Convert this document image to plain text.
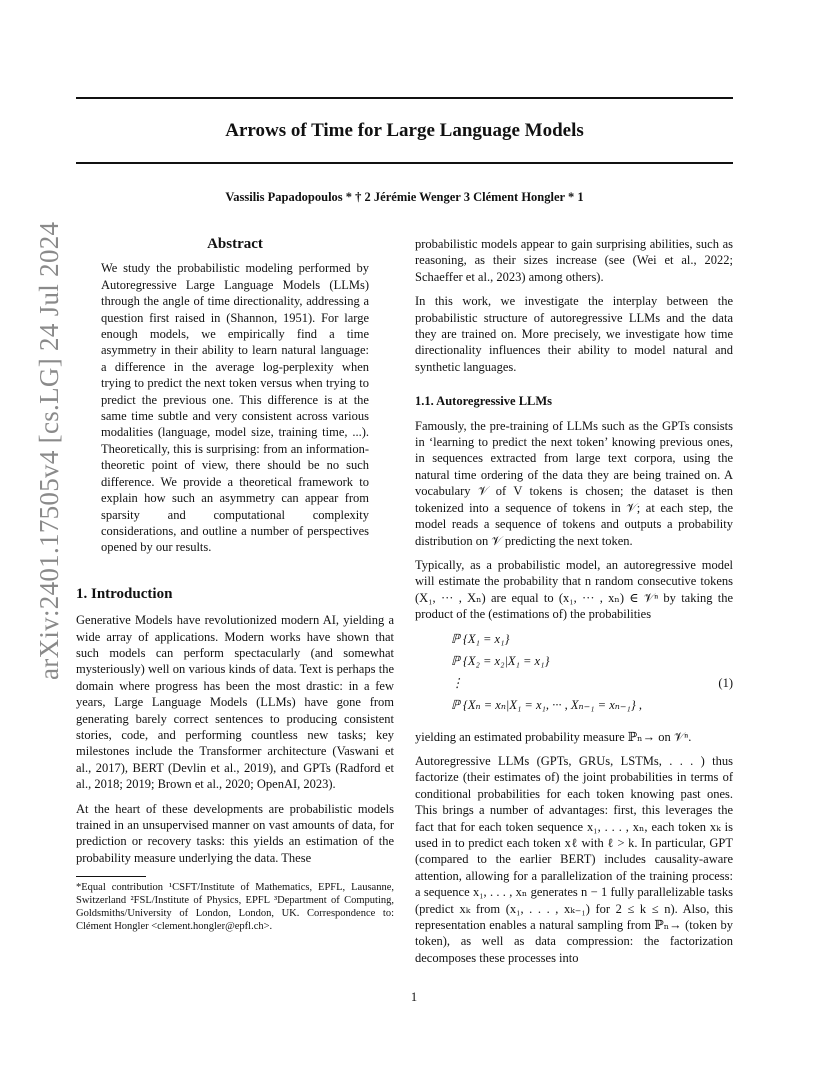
Arrows of Time for Large Language Models
Vassilis Papadopoulos * † 2 Jérémie Wenger 3 Clément Hongler * 1
arXiv:2401.17505v4 [cs.LG] 24 Jul 2024	Abstract

We study the probabilistic modeling performed by Autoregressive Large Language Models (LLMs) through the angle of time directionality, addressing a question first raised in (Shannon, 1951). For large enough models, we empirically find a time asymmetry in their ability to learn natural language: a difference in the average log-perplexity when trying to predict the next token versus when trying to predict the previous one. This difference is at the same time subtle and very consistent across various modalities (language, model size, training time, ...). Theoretically, this is surprising: from an information-theoretic point of view, there should be no such difference. We provide a theoretical framework to explain how such an asymmetry can appear from sparsity and computational complexity considerations, and outline a number of perspectives opened by our results.

1. Introduction

Generative Models have revolutionized modern AI, yielding a wide array of applications. Modern works have shown that such models can perform spectacularly (and somewhat mysteriously) well on various kinds of data. Text is perhaps the domain where progress has been the most drastic: in a few years, Large Language Models (LLMs) have gone from generating barely correct sentences to producing consistent stories, code, and performing countless new tasks; key milestones include the Transformer architecture (Vaswani et al., 2017), BERT (Devlin et al., 2019), and GPTs (Radford et al., 2018; 2019; Brown et al., 2020; OpenAI, 2023).

At the heart of these developments are probabilistic models trained in an unsupervised manner on vast amounts of data, for prediction or recovery tasks: this yields an estimation of the probability measure underlying the data. These

*Equal contribution ¹CSFT/Institute of Mathematics, EPFL, Lausanne, Switzerland ²FSL/Institute of Physics, EPFL ³Department of Computing, Goldsmiths/University of London, London, UK. Correspondence to: Clément Hongler <clement.hongler@epfl.ch>.

probabilistic models appear to gain surprising abilities, such as reasoning, as their sizes increase (see (Wei et al., 2022; Schaeffer et al., 2023) among others).

In this work, we investigate the interplay between the probabilistic structure of autoregressive LLMs and the data they are trained on. More precisely, we investigate how time directionality influences their ability to model natural and synthetic languages.

1.1. Autoregressive LLMs

Famously, the pre-training of LLMs such as the GPTs consists in ‘learning to predict the next token’ knowing previous ones, in sequences extracted from large text corpora, using the natural time ordering of the data they are being trained on. A vocabulary 𝒱 of V tokens is chosen; the dataset is then tokenized into a sequence of tokens in 𝒱; at each step, the model reads a sequence of tokens and outputs a probability distribution on 𝒱 predicting the next token.

Typically, as a probabilistic model, an autoregressive model will estimate the probability that n random consecutive tokens (X₁, ··· , Xₙ) are equal to (x₁, ··· , xₙ) ∈ 𝒱ⁿ by taking the product of the (estimations of) the probabilities

ℙ {X₁ = x₁}
ℙ {X₂ = x₂|X₁ = x₁}
⋮
ℙ {Xₙ = xₙ|X₁ = x₁, ··· , Xₙ₋₁ = xₙ₋₁} ,
(1)

yielding an estimated probability measure ℙₙ→ on 𝒱ⁿ.

Autoregressive LLMs (GPTs, GRUs, LSTMs, . . . ) thus factorize (their estimates of) the joint probabilities in terms of conditional probabilities for each token knowing past ones. This brings a number of advantages: first, this leverages the fact that for each token sequence x₁, . . . , xₙ, each token xₖ is used in to predict each token xℓ with ℓ > k. In particular, GPT (compared to the earlier BERT) includes causality-aware attention, allowing for a parallelization of the training process: a sequence x₁, . . . , xₙ generates n − 1 fully parallelizable tasks (predict xₖ from (x₁, . . . , xₖ₋₁) for 2 ≤ k ≤ n). Also, this representation enables a natural sampling from ℙₙ→ (token by token), as well as data compression: the factorization decomposes these processes into

1
